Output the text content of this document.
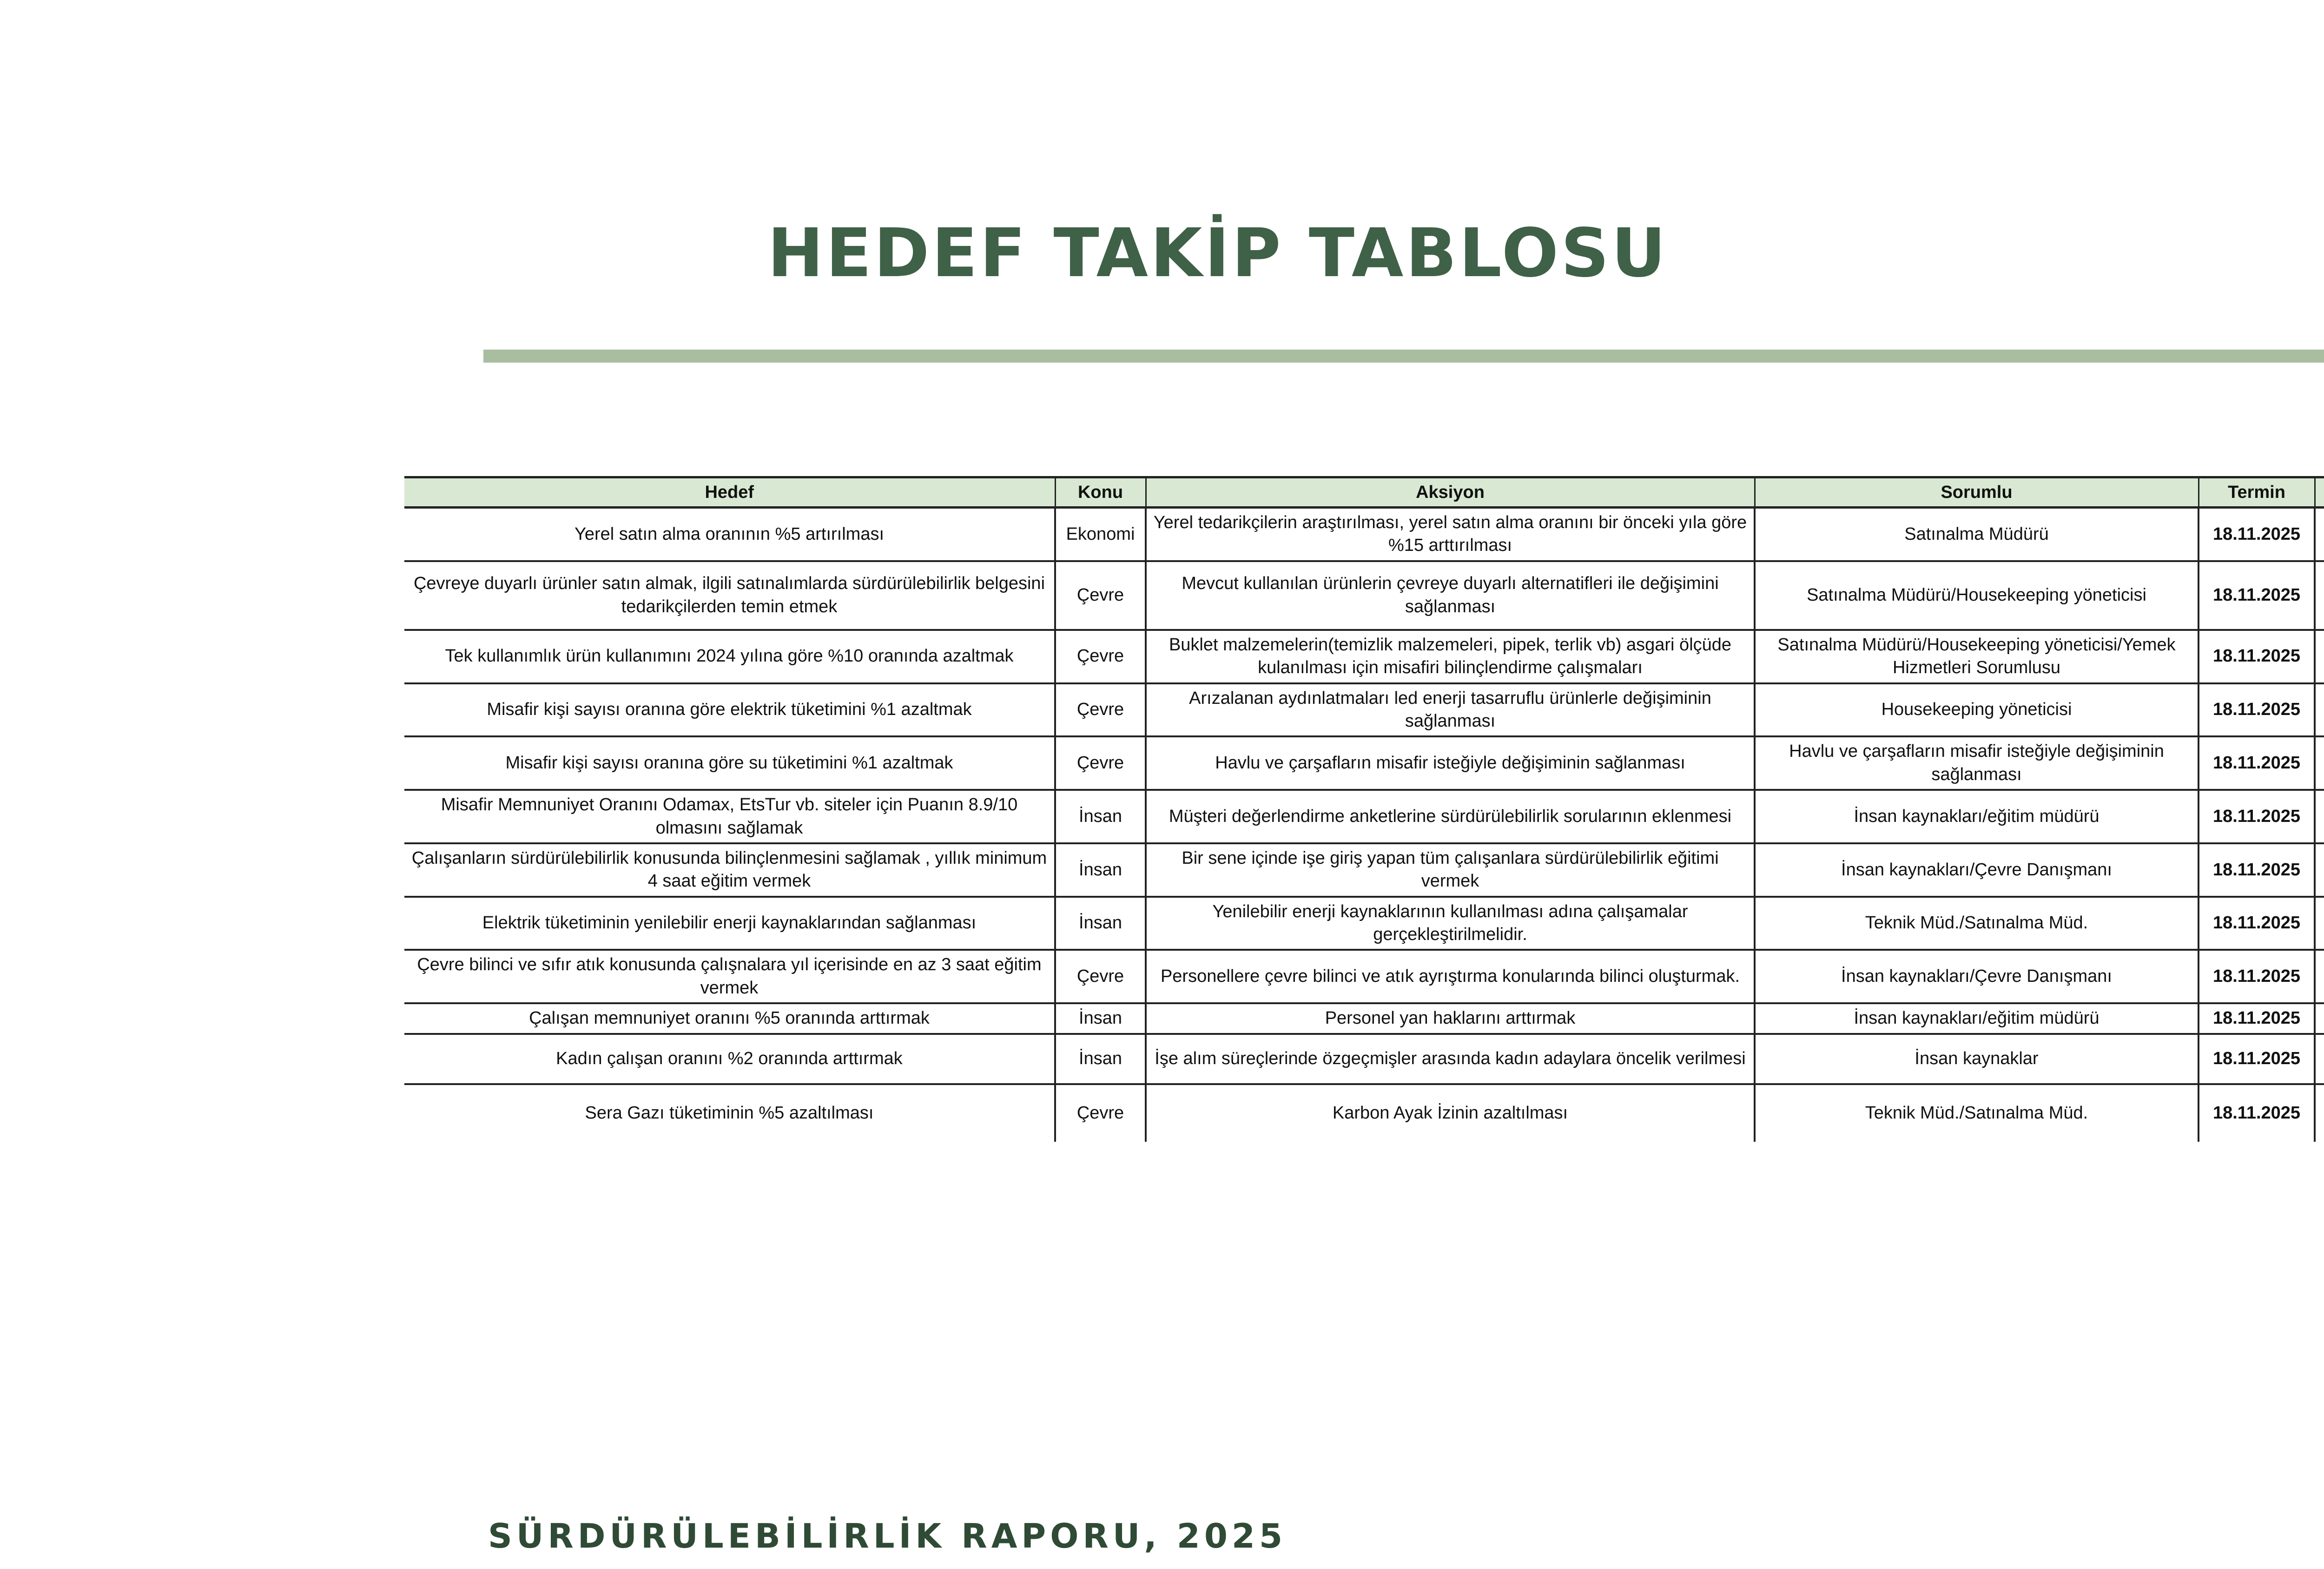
HEDEF TAKİP TABLOSU
Hedef	Konu	Aksiyon	Sorumlu	Termin	
Yerel satın alma oranının %5 artırılması	Ekonomi	Yerel tedarikçilerin araştırılması, yerel satın alma oranını bir önceki yıla göre %15 arttırılması	Satınalma Müdürü	18.11.2025	
Çevreye duyarlı ürünler satın almak, ilgili satınalımlarda sürdürülebilirlik belgesini tedarikçilerden temin etmek	Çevre	Mevcut kullanılan ürünlerin çevreye duyarlı alternatifleri ile değişimini sağlanması	Satınalma Müdürü/Housekeeping yöneticisi	18.11.2025	
Tek kullanımlık ürün kullanımını 2024 yılına göre %10 oranında azaltmak	Çevre	Buklet malzemelerin(temizlik malzemeleri, pipek, terlik vb) asgari ölçüde kulanılması için misafiri bilinçlendirme çalışmaları	Satınalma Müdürü/Housekeeping yöneticisi/Yemek Hizmetleri Sorumlusu	18.11.2025	
Misafir kişi sayısı oranına göre elektrik tüketimini %1 azaltmak	Çevre	Arızalanan aydınlatmaları led enerji tasarruflu ürünlerle değişiminin sağlanması	Housekeeping yöneticisi	18.11.2025	
Misafir kişi sayısı oranına göre su tüketimini %1 azaltmak	Çevre	Havlu ve çarşafların misafir isteğiyle değişiminin sağlanması	Havlu ve çarşafların misafir isteğiyle değişiminin sağlanması	18.11.2025	
Misafir Memnuniyet Oranını Odamax, EtsTur vb. siteler için Puanın 8.9/10 olmasını sağlamak	İnsan	Müşteri değerlendirme anketlerine sürdürülebilirlik sorularının eklenmesi	İnsan kaynakları/eğitim müdürü	18.11.2025	
Çalışanların sürdürülebilirlik konusunda bilinçlenmesini sağlamak , yıllık minimum 4 saat eğitim vermek	İnsan	Bir sene içinde işe giriş yapan tüm çalışanlara sürdürülebilirlik eğitimi vermek	İnsan kaynakları/Çevre Danışmanı	18.11.2025	
Elektrik tüketiminin yenilebilir enerji kaynaklarından sağlanması	İnsan	Yenilebilir enerji kaynaklarının kullanılması adına çalışamalar gerçekleştirilmelidir.	Teknik Müd./Satınalma Müd.	18.11.2025	
Çevre bilinci ve sıfır atık konusunda çalışnalara yıl içerisinde en az 3 saat eğitim vermek	Çevre	Personellere çevre bilinci ve atık ayrıştırma konularında bilinci oluşturmak.	İnsan kaynakları/Çevre Danışmanı	18.11.2025	
Çalışan memnuniyet oranını %5 oranında arttırmak	İnsan	Personel yan haklarını arttırmak	İnsan kaynakları/eğitim müdürü	18.11.2025	
Kadın çalışan oranını %2 oranında arttırmak	İnsan	İşe alım süreçlerinde özgeçmişler arasında kadın adaylara öncelik verilmesi	İnsan kaynaklar	18.11.2025	
Sera Gazı tüketiminin %5 azaltılması	Çevre	Karbon Ayak İzinin azaltılması	Teknik Müd./Satınalma Müd.	18.11.2025	
SÜRDÜRÜLEBİLİRLİK RAPORU, 2025
